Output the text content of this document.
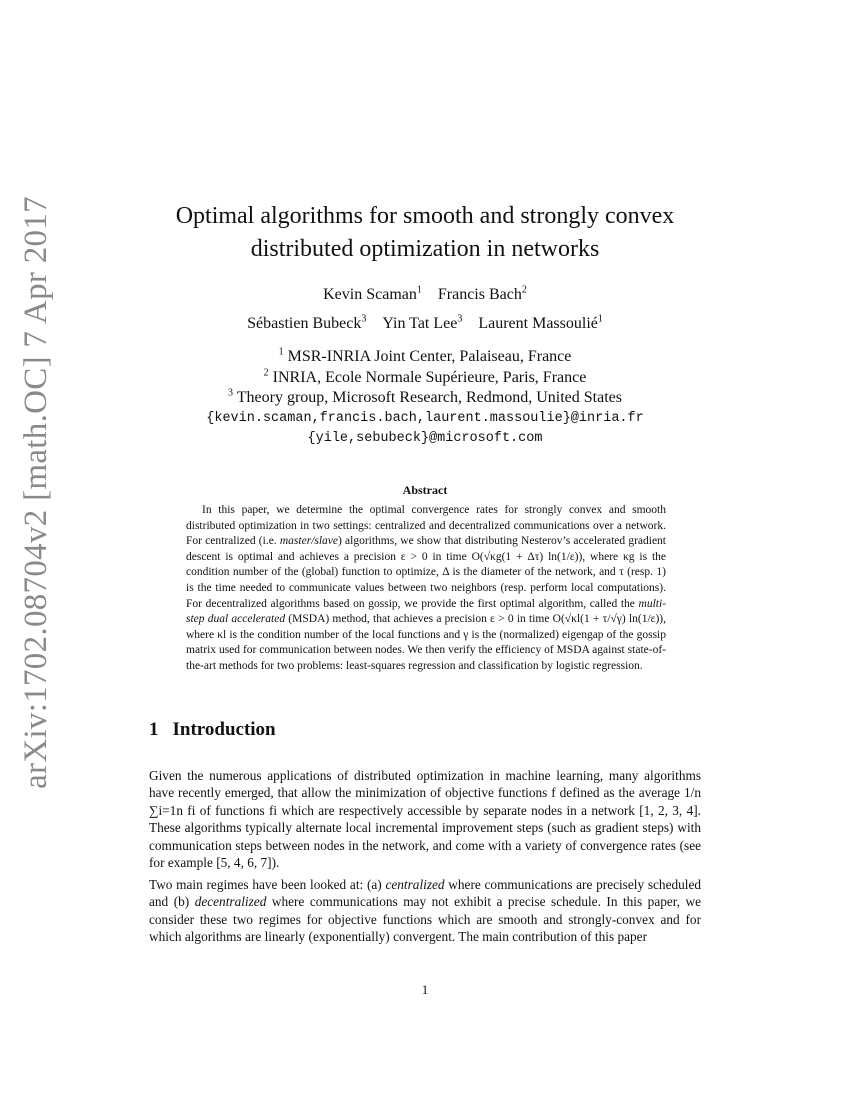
arXiv:1702.08704v2 [math.OC] 7 Apr 2017	Optimal algorithms for smooth and strongly convex
distributed optimization in networks
Kevin Scaman$^1$ Francis Bach$^2$
Sébastien Bubeck$^3$ Yin Tat Lee$^3$ Laurent Massoulié$^1$
$^1$ MSR-INRIA Joint Center, Palaiseau, France
$^2$ INRIA, Ecole Normale Supérieure, Paris, France
$^3$ Theory group, Microsoft Research, Redmond, United States
{kevin.scaman,francis.bach,laurent.massoulie}@inria.fr
{yile,sebubeck}@microsoft.com
Abstract
In this paper, we determine the optimal convergence rates for strongly convex and smooth distributed optimization in two settings: centralized and decentralized communications over a network. For centralized (i.e. master/slave) algorithms, we show that distributing Nesterov’s accelerated gradient descent is optimal and achieves a precision ε > 0 in time O(√κg(1 + Δτ) ln(1/ε)), where κg is the condition number of the (global) function to optimize, Δ is the diameter of the network, and τ (resp. 1) is the time needed to communicate values between two neighbors (resp. perform local computations). For decentralized algorithms based on gossip, we provide the first optimal algorithm, called the multi-step dual accelerated (MSDA) method, that achieves a precision ε > 0 in time O(√κl(1 + τ/√γ) ln(1/ε)), where κl is the condition number of the local functions and γ is the (normalized) eigengap of the gossip matrix used for communication between nodes. We then verify the efficiency of MSDA against state-of-the-art methods for two problems: least-squares regression and classification by logistic regression.
1 Introduction

Given the numerous applications of distributed optimization in machine learning, many algorithms have recently emerged, that allow the minimization of objective functions f defined as the average 1/n ∑i=1n fi of functions fi which are respectively accessible by separate nodes in a network [1, 2, 3, 4]. These algorithms typically alternate local incremental improvement steps (such as gradient steps) with communication steps between nodes in the network, and come with a variety of convergence rates (see for example [5, 4, 6, 7]).

Two main regimes have been looked at: (a) centralized where communications are precisely scheduled and (b) decentralized where communications may not exhibit a precise schedule. In this paper, we consider these two regimes for objective functions which are smooth and strongly-convex and for which algorithms are linearly (exponentially) convergent. The main contribution of this paper

1
